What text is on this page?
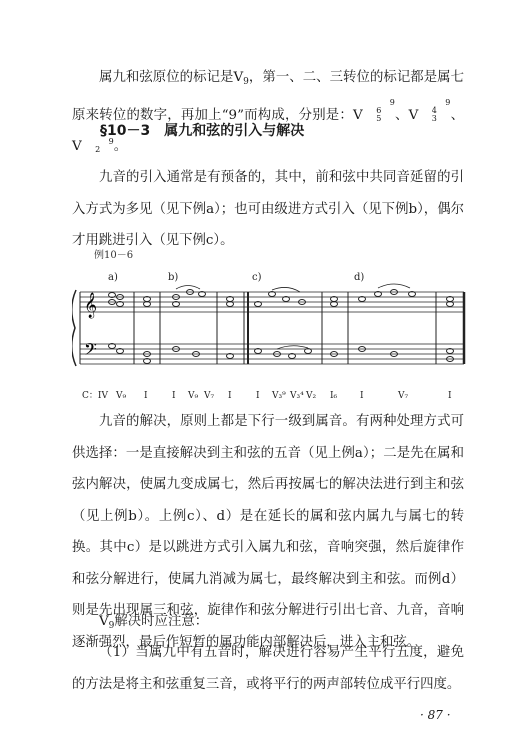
属九和弦原位的标记是$V_9$，第一、二、三转位的标记都是属七原来转位的数字，再加上“9”而构成，分别是：V9
6
5 、V9
4
3 、V	9
2 。

§10－3 属九和弦的引入与解决

九音的引入通常是有预备的，其中，前和弦中共同音延留的引入方式为多见（见下例a）；也可由级进方式引入（见下例b），偶尔才用跳进引入（见下例c）。

例10－6
𝄞
𝄢
a)	b)	c)	d)
C：IV V₉ I	I V₉ V₇ I	I V₃⁹ V₃⁴ V₂ I₆	I	V₇	I

九音的解决，原则上都是下行一级到属音。有两种处理方式可供选择：一是直接解决到主和弦的五音（见上例a）；二是先在属和弦内解决，使属九变成属七，然后再按属七的解决法进行到主和弦（见上例b）。上例c）、d）是在延长的属和弦内属九与属七的转换。其中c）是以跳进方式引入属九和弦，音响突强，然后旋律作和弦分解进行，使属九消减为属七，最终解决到主和弦。而例d）则是先出现属三和弦，旋律作和弦分解进行引出七音、九音，音响逐渐强烈，最后作短暂的属功能内部解决后，进入主和弦。

$V_9$解决时应注意：

（1）当属九中有五音时，解决进行容易产生平行五度，避免的方法是将主和弦重复三音，或将平行的两声部转位成平行四度。

· 87 ·
